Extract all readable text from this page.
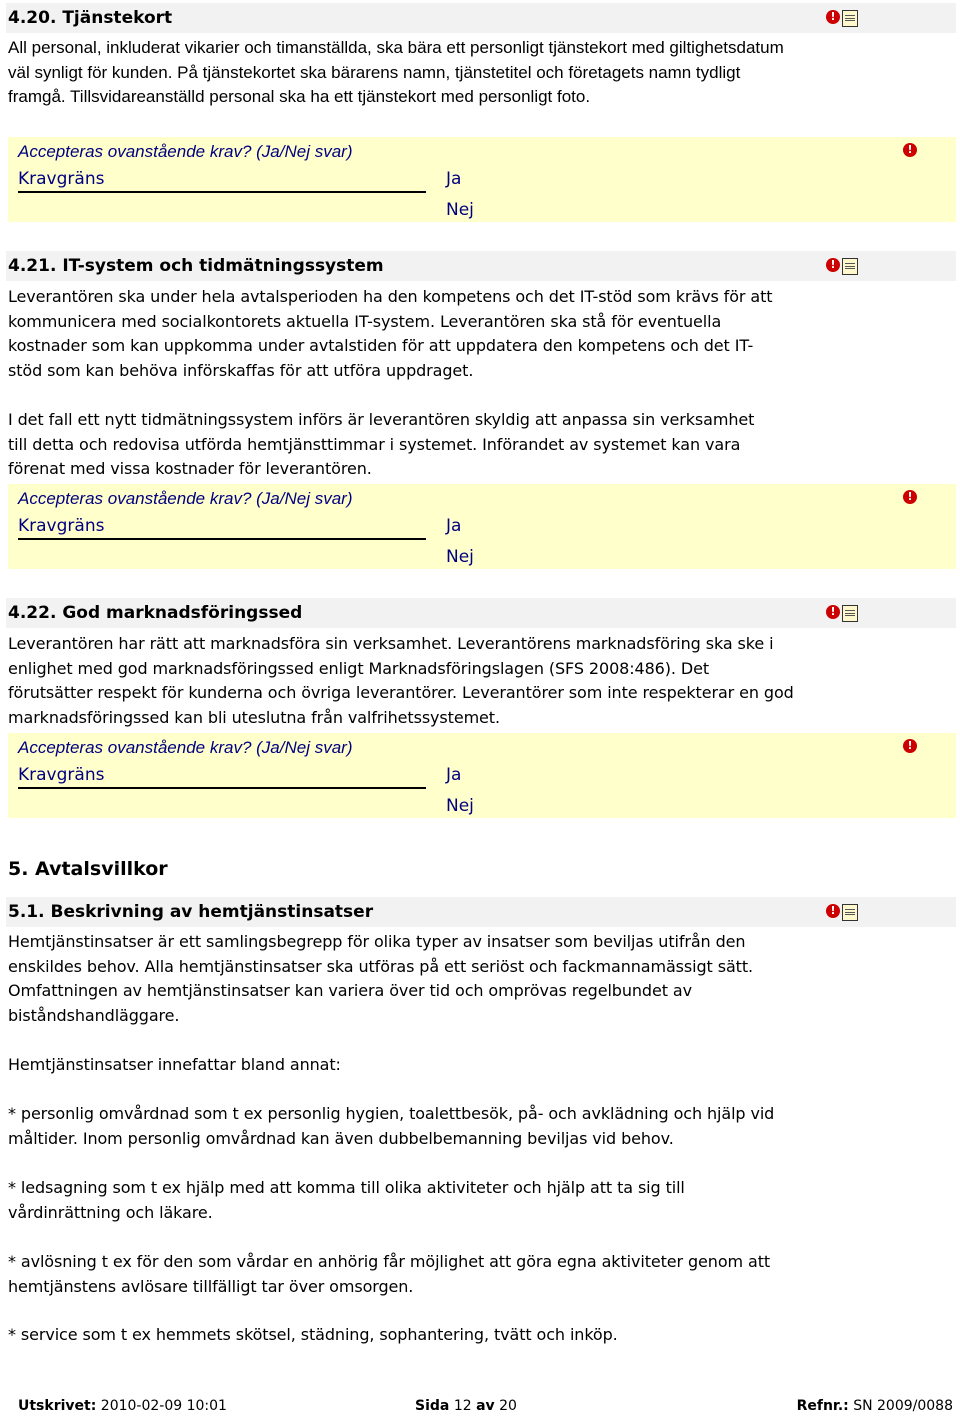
4.20. Tjänstekort	!

All personal, inkluderat vikarier och timanställda, ska bära ett personligt tjänstekort med giltighetsdatum väl synligt för kunden. På tjänstekortet ska bärarens namn, tjänstetitel och företagets namn tydligt framgå. Tillsvidareanställd personal ska ha ett tjänstekort med personligt foto.

Accepteras ovanstående krav? (Ja/Nej svar)
Kravgräns	Ja
Nej
!
4.21. IT-system och tidmätningssystem	!

Leverantören ska under hela avtalsperioden ha den kompetens och det IT-stöd som krävs för att kommunicera med socialkontorets aktuella IT-system. Leverantören ska stå för eventuella kostnader som kan uppkomma under avtalstiden för att uppdatera den kompetens och det IT-stöd som kan behöva införskaffas för att utföra uppdraget.

I det fall ett nytt tidmätningssystem införs är leverantören skyldig att anpassa sin verksamhet till detta och redovisa utförda hemtjänsttimmar i systemet. Införandet av systemet kan vara förenat med vissa kostnader för leverantören.

Accepteras ovanstående krav? (Ja/Nej svar)
Kravgräns	Ja
Nej
!
4.22. God marknadsföringssed	!

Leverantören har rätt att marknadsföra sin verksamhet. Leverantörens marknadsföring ska ske i enlighet med god marknadsföringssed enligt Marknadsföringslagen (SFS 2008:486). Det förutsätter respekt för kunderna och övriga leverantörer. Leverantörer som inte respekterar en god marknadsföringssed kan bli uteslutna från valfrihetssystemet.

Accepteras ovanstående krav? (Ja/Nej svar)
Kravgräns	Ja
Nej
!
5. Avtalsvillkor
5.1. Beskrivning av hemtjänstinsatser	!

Hemtjänstinsatser är ett samlingsbegrepp för olika typer av insatser som beviljas utifrån den enskildes behov. Alla hemtjänstinsatser ska utföras på ett seriöst och fackmannamässigt sätt. Omfattningen av hemtjänstinsatser kan variera över tid och omprövas regelbundet av biståndshandläggare.

Hemtjänstinsatser innefattar bland annat:

* personlig omvårdnad som t ex personlig hygien, toalettbesök, på- och avklädning och hjälp vid måltider. Inom personlig omvårdnad kan även dubbelbemanning beviljas vid behov.

* ledsagning som t ex hjälp med att komma till olika aktiviteter och hjälp att ta sig till vårdinrättning och läkare.

* avlösning t ex för den som vårdar en anhörig får möjlighet att göra egna aktiviteter genom att hemtjänstens avlösare tillfälligt tar över omsorgen.

* service som t ex hemmets skötsel, städning, sophantering, tvätt och inköp.

Utskrivet: 2010-02-09 10:01	Sida 12 av 20	Refnr.: SN 2009/0088
